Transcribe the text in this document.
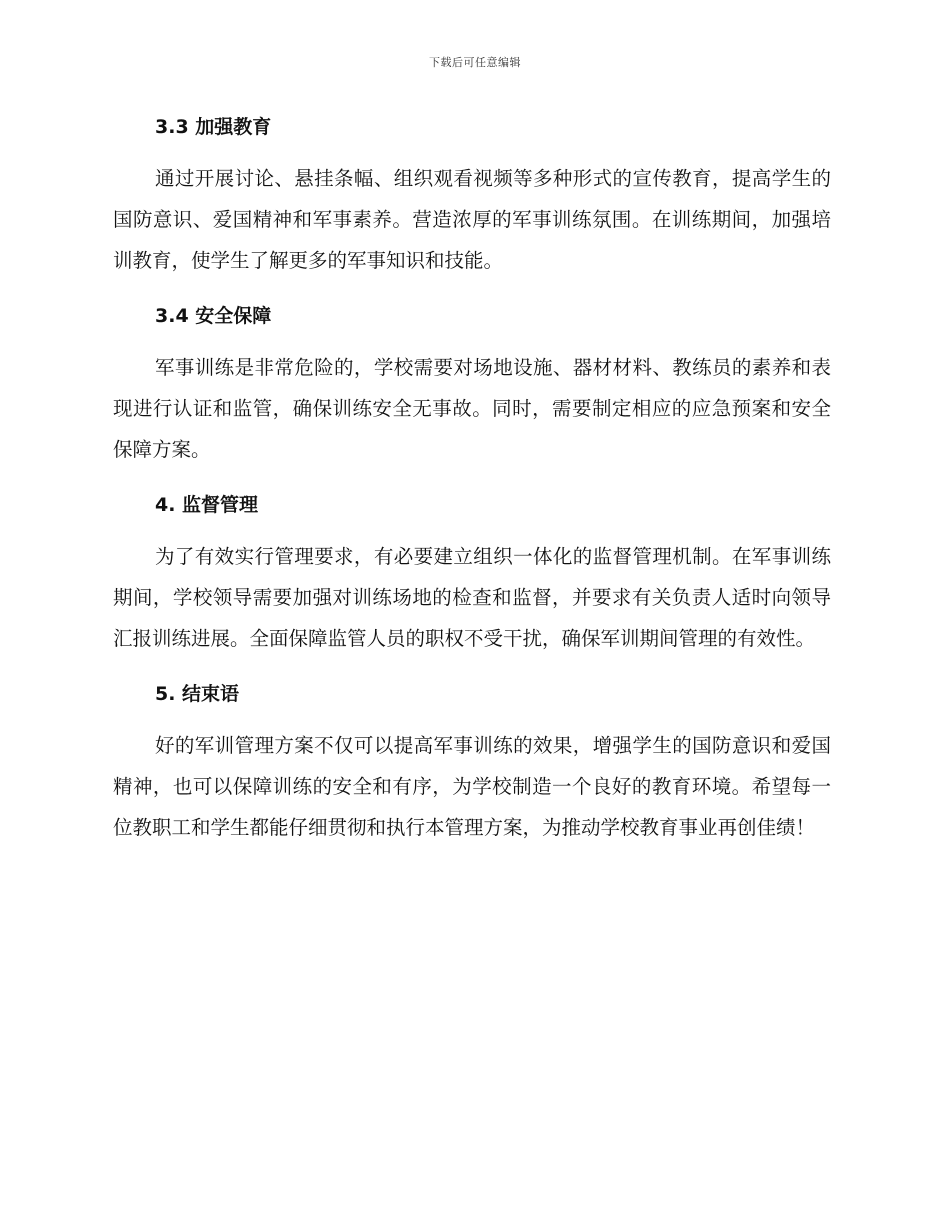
下载后可任意编辑
3.3 加强教育

通过开展讨论、悬挂条幅、组织观看视频等多种形式的宣传教育，提高学生的国防意识、爱国精神和军事素养。营造浓厚的军事训练氛围。在训练期间，加强培训教育，使学生了解更多的军事知识和技能。

3.4 安全保障

军事训练是非常危险的，学校需要对场地设施、器材材料、教练员的素养和表现进行认证和监管，确保训练安全无事故。同时，需要制定相应的应急预案和安全保障方案。

4. 监督管理

为了有效实行管理要求，有必要建立组织一体化的监督管理机制。在军事训练期间，学校领导需要加强对训练场地的检查和监督，并要求有关负责人适时向领导汇报训练进展。全面保障监管人员的职权不受干扰，确保军训期间管理的有效性。

5. 结束语

好的军训管理方案不仅可以提高军事训练的效果，增强学生的国防意识和爱国精神，也可以保障训练的安全和有序，为学校制造一个良好的教育环境。希望每一位教职工和学生都能仔细贯彻和执行本管理方案，为推动学校教育事业再创佳绩！
